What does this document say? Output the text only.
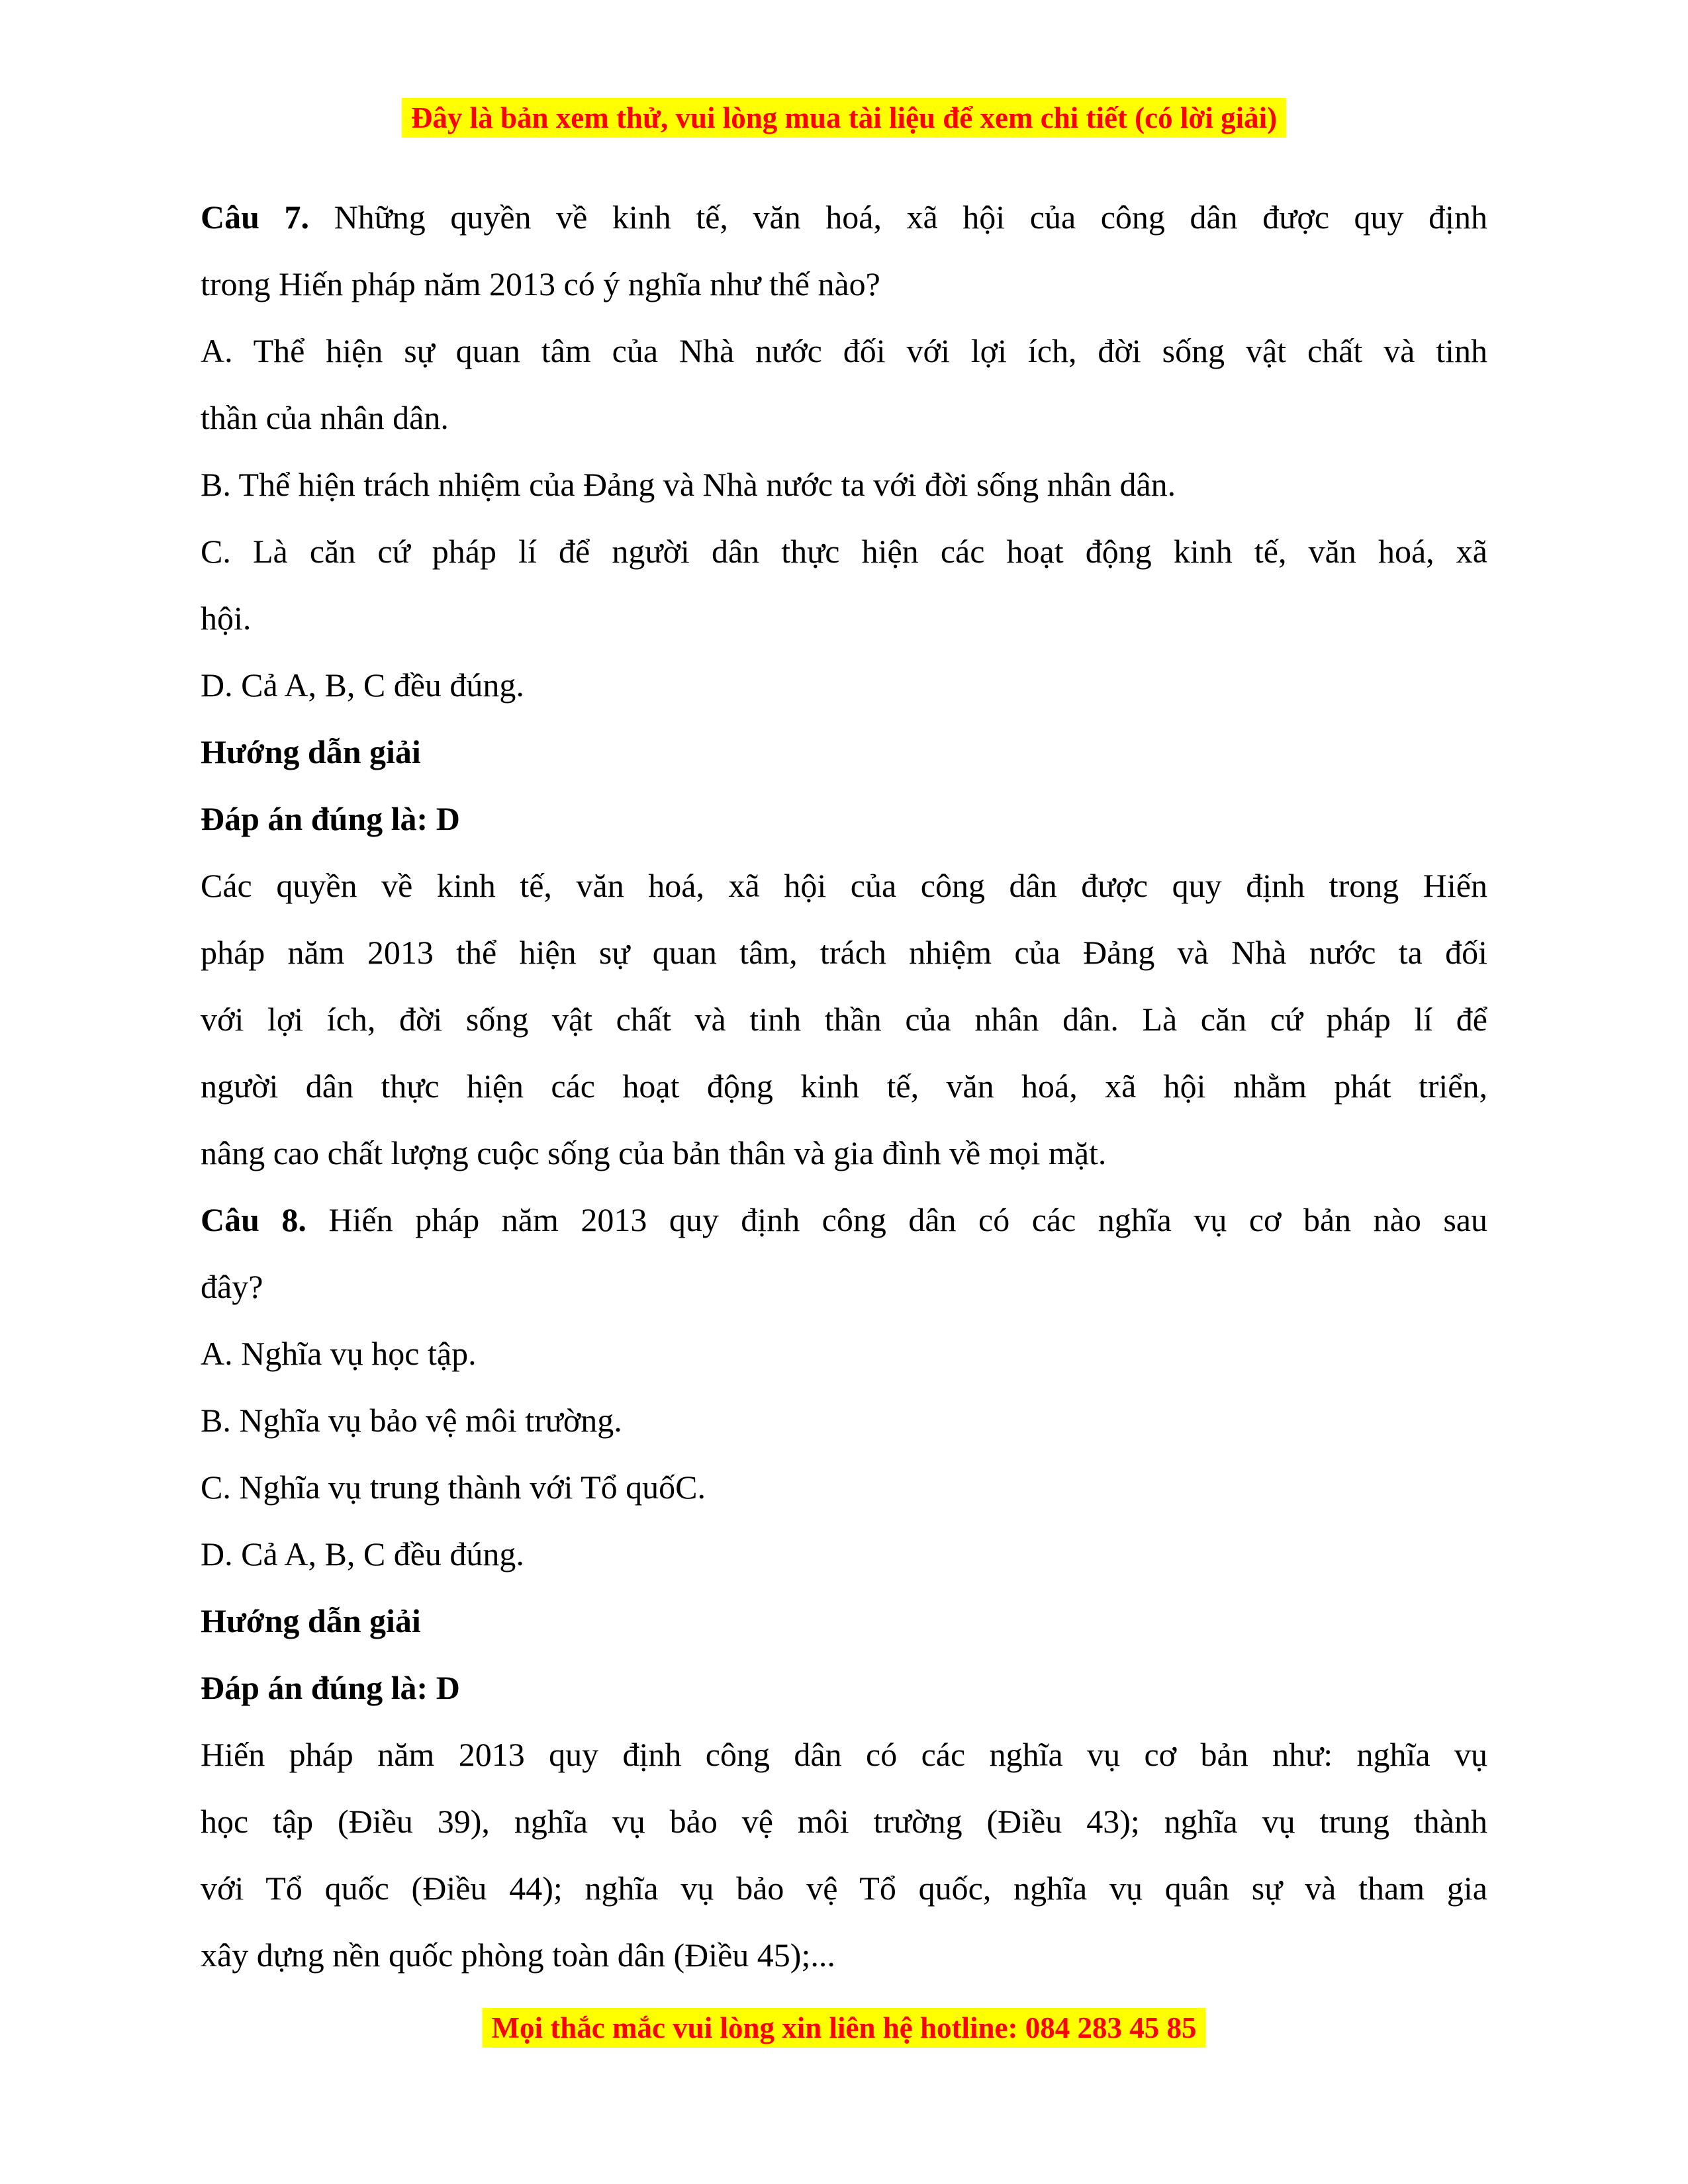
Đây là bản xem thử, vui lòng mua tài liệu để xem chi tiết (có lời giải)
Câu 7. Những quyền về kinh tế, văn hoá, xã hội của công dân được quy định
trong Hiến pháp năm 2013 có ý nghĩa như thế nào?
A. Thể hiện sự quan tâm của Nhà nước đối với lợi ích, đời sống vật chất và tinh
thần của nhân dân.
B. Thể hiện trách nhiệm của Đảng và Nhà nước ta với đời sống nhân dân.
C. Là căn cứ pháp lí để người dân thực hiện các hoạt động kinh tế, văn hoá, xã
hội.
D. Cả A, B, C đều đúng.
Hướng dẫn giải
Đáp án đúng là: D
Các quyền về kinh tế, văn hoá, xã hội của công dân được quy định trong Hiến
pháp năm 2013 thể hiện sự quan tâm, trách nhiệm của Đảng và Nhà nước ta đối
với lợi ích, đời sống vật chất và tinh thần của nhân dân. Là căn cứ pháp lí để
người dân thực hiện các hoạt động kinh tế, văn hoá, xã hội nhằm phát triển,
nâng cao chất lượng cuộc sống của bản thân và gia đình về mọi mặt.
Câu 8. Hiến pháp năm 2013 quy định công dân có các nghĩa vụ cơ bản nào sau
đây?
A. Nghĩa vụ học tập.
B. Nghĩa vụ bảo vệ môi trường.
C. Nghĩa vụ trung thành với Tổ quốC.
D. Cả A, B, C đều đúng.
Hướng dẫn giải
Đáp án đúng là: D
Hiến pháp năm 2013 quy định công dân có các nghĩa vụ cơ bản như: nghĩa vụ
học tập (Điều 39), nghĩa vụ bảo vệ môi trường (Điều 43); nghĩa vụ trung thành
với Tổ quốc (Điều 44); nghĩa vụ bảo vệ Tổ quốc, nghĩa vụ quân sự và tham gia
xây dựng nền quốc phòng toàn dân (Điều 45);...
Mọi thắc mắc vui lòng xin liên hệ hotline: 084 283 45 85
